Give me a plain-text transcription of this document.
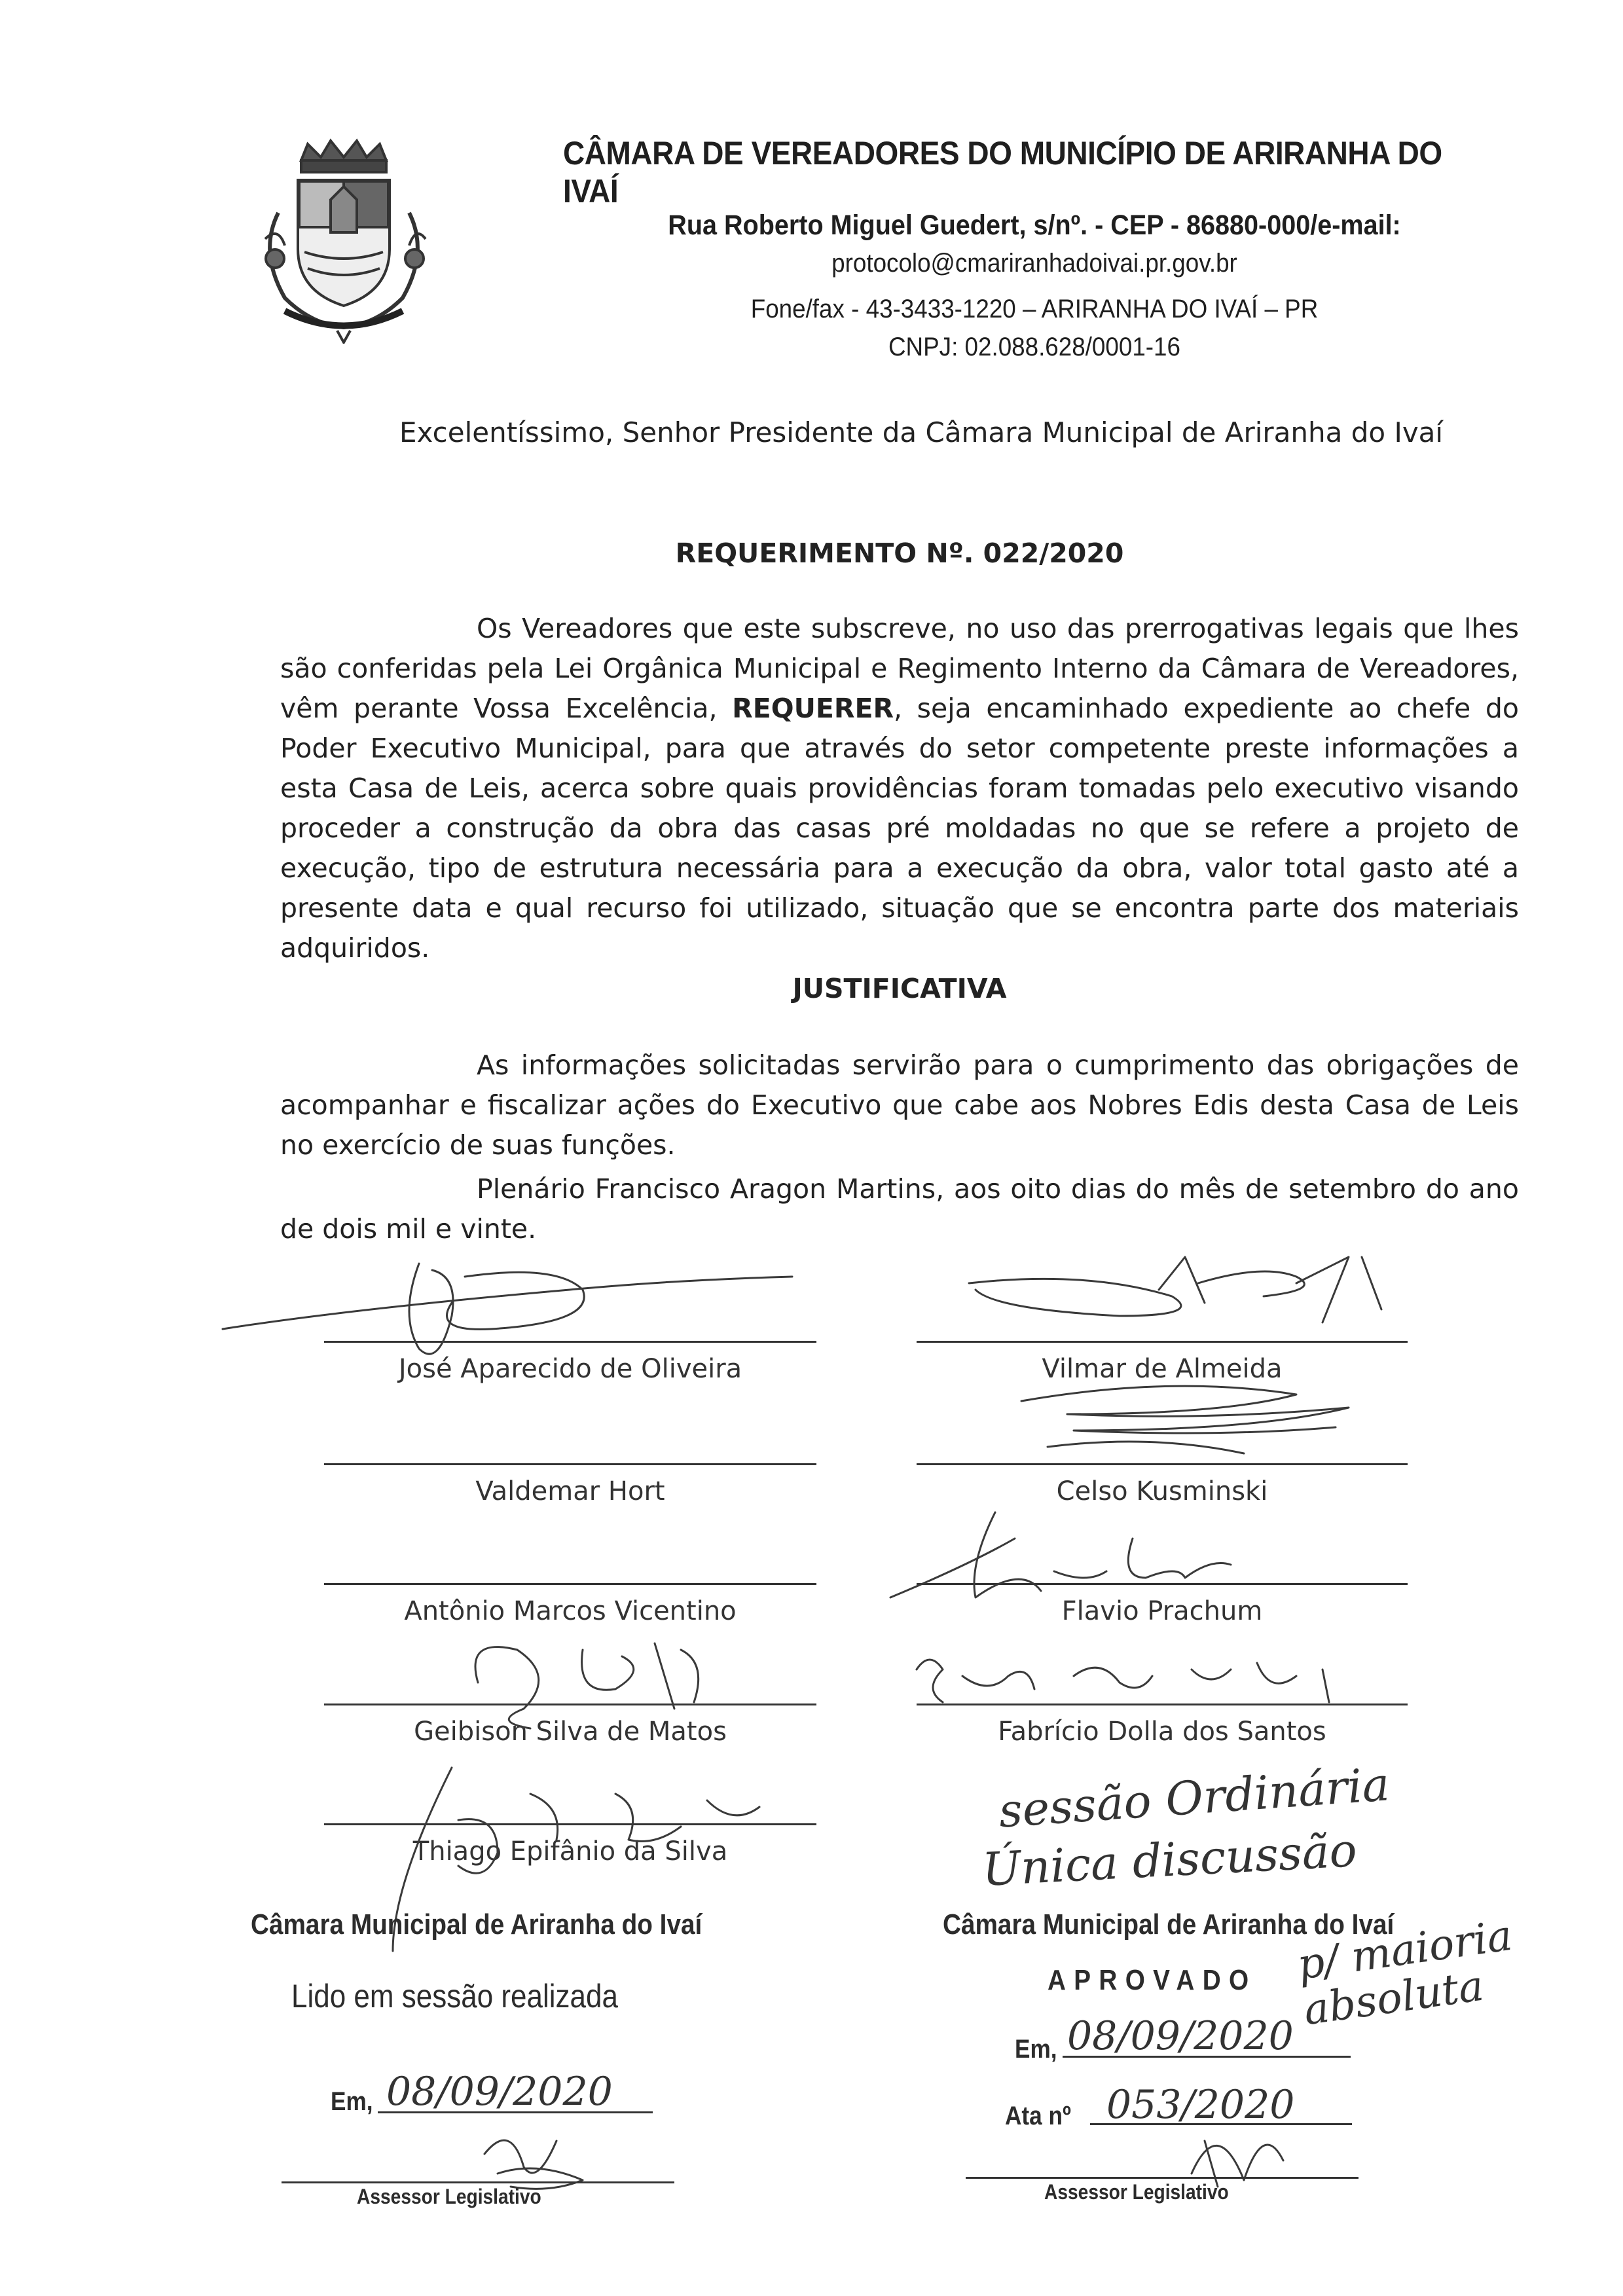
CÂMARA DE VEREADORES DO MUNICÍPIO DE ARIRANHA DO IVAÍ
Rua Roberto Miguel Guedert, s/nº. - CEP - 86880-000/e-mail:
protocolo@cmariranhadoivai.pr.gov.br
Fone/fax - 43-3433-1220 – ARIRANHA DO IVAÍ – PR
CNPJ: 02.088.628/0001-16
Excelentíssimo, Senhor Presidente da Câmara Municipal de Ariranha do Ivaí
REQUERIMENTO Nº. 022/2020
Os Vereadores que este subscreve, no uso das prerrogativas legais que lhes são conferidas pela Lei Orgânica Municipal e Regimento Interno da Câmara de Vereadores, vêm perante Vossa Excelência, REQUERER, seja encaminhado expediente ao chefe do Poder Executivo Municipal, para que através do setor competente preste informações a esta Casa de Leis, acerca sobre quais providências foram tomadas pelo executivo visando proceder a construção da obra das casas pré moldadas no que se refere a projeto de execução, tipo de estrutura necessária para a execução da obra, valor total gasto até a presente data e qual recurso foi utilizado, situação que se encontra parte dos materiais adquiridos.
JUSTIFICATIVA
As informações solicitadas servirão para o cumprimento das obrigações de acompanhar e fiscalizar ações do Executivo que cabe aos Nobres Edis desta Casa de Leis no exercício de suas funções.
Plenário Francisco Aragon Martins, aos oito dias do mês de setembro do ano de dois mil e vinte.
José Aparecido de Oliveira
Valdemar Hort
Antônio Marcos Vicentino
Geibison Silva de Matos
Thiago Epifânio da Silva
Vilmar de Almeida
Celso Kusminski
Flavio Prachum
Fabrício Dolla dos Santos
sessão Ordinária
Única discussão
Câmara Municipal de Ariranha do Ivaí
Lido em sessão realizada
Em, 08/09/2020
Assessor Legislativo
Câmara Municipal de Ariranha do Ivaí
APROVADO p/ maioria absoluta
Em, 08/09/2020
Ata nº 053/2020
Assessor Legislativo
